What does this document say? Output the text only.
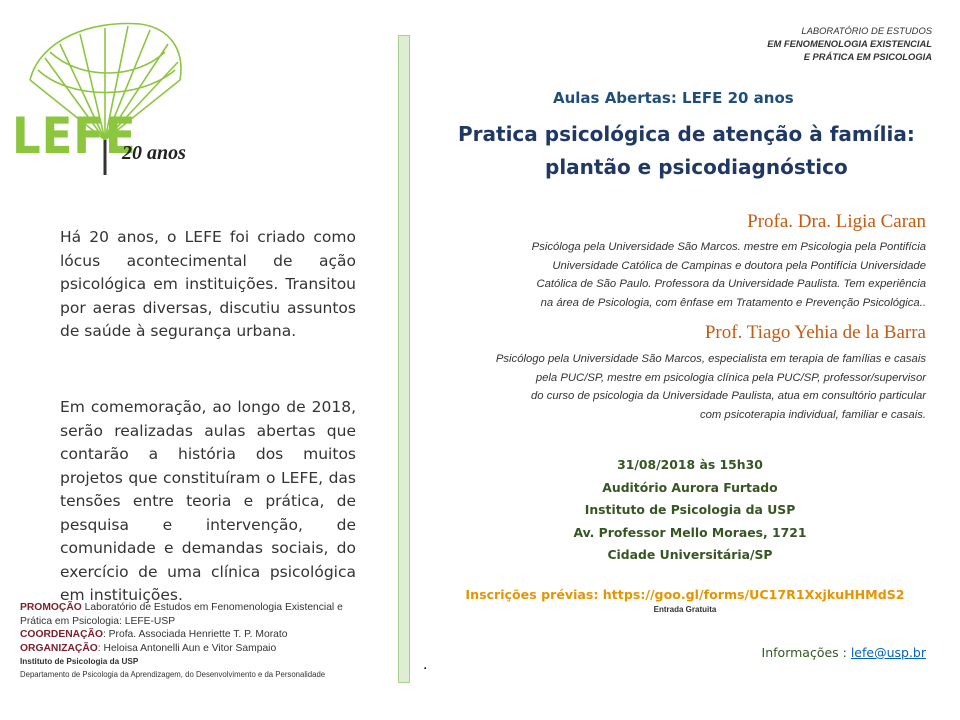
LEFE
20 anos
Há 20 anos, o LEFE foi criado como lócus acontecimental de ação psicológica em instituições. Transitou por aeras diversas, discutiu assuntos de saúde à segurança urbana.
Em comemoração, ao longo de 2018, serão realizadas aulas abertas que contarão a história dos muitos projetos que constituíram o LEFE, das tensões entre teoria e prática, de pesquisa e intervenção, de comunidade e demandas sociais, do exercício de uma clínica psicológica em instituições.
PROMOÇÃO Laboratório de Estudos em Fenomenologia Existencial e Prática em Psicologia: LEFE-USP
COORDENAÇÃO: Profa. Associada Henriette T. P. Morato
ORGANIZAÇÃO: Heloisa Antonelli Aun e Vitor Sampaio
Instituto de Psicologia da USP
Departamento de Psicologia da Aprendizagem, do Desenvolvimento e da Personalidade
LABORATÓRIO DE ESTUDOS
EM FENOMENOLOGIA EXISTENCIAL
E PRÁTICA EM PSICOLOGIA
Aulas Abertas: LEFE 20 anos
Pratica psicológica de atenção à família:
plantão e psicodiagnóstico
Profa. Dra. Ligia Caran
Psicóloga pela Universidade São Marcos. mestre em Psicologia pela Pontifícia
Universidade Católica de Campinas e doutora pela Pontifícia Universidade
Católica de São Paulo. Professora da Universidade Paulista. Tem experiência
na área de Psicologia, com ênfase em Tratamento e Prevenção Psicológica..
Prof. Tiago Yehia de la Barra
Psicólogo pela Universidade São Marcos, especialista em terapia de famílias e casais
pela PUC/SP, mestre em psicologia clínica pela PUC/SP, professor/supervisor
do curso de psicologia da Universidade Paulista, atua em consultório particular
com psicoterapia individual, familiar e casais.
31/08/2018 às 15h30
Auditório Aurora Furtado
Instituto de Psicologia da USP
Av. Professor Mello Moraes, 1721
Cidade Universitária/SP
Inscrições prévias: https://goo.gl/forms/UC17R1XxjkuHHMdS2
Entrada Gratuita
Informações : lefe@usp.br
.
